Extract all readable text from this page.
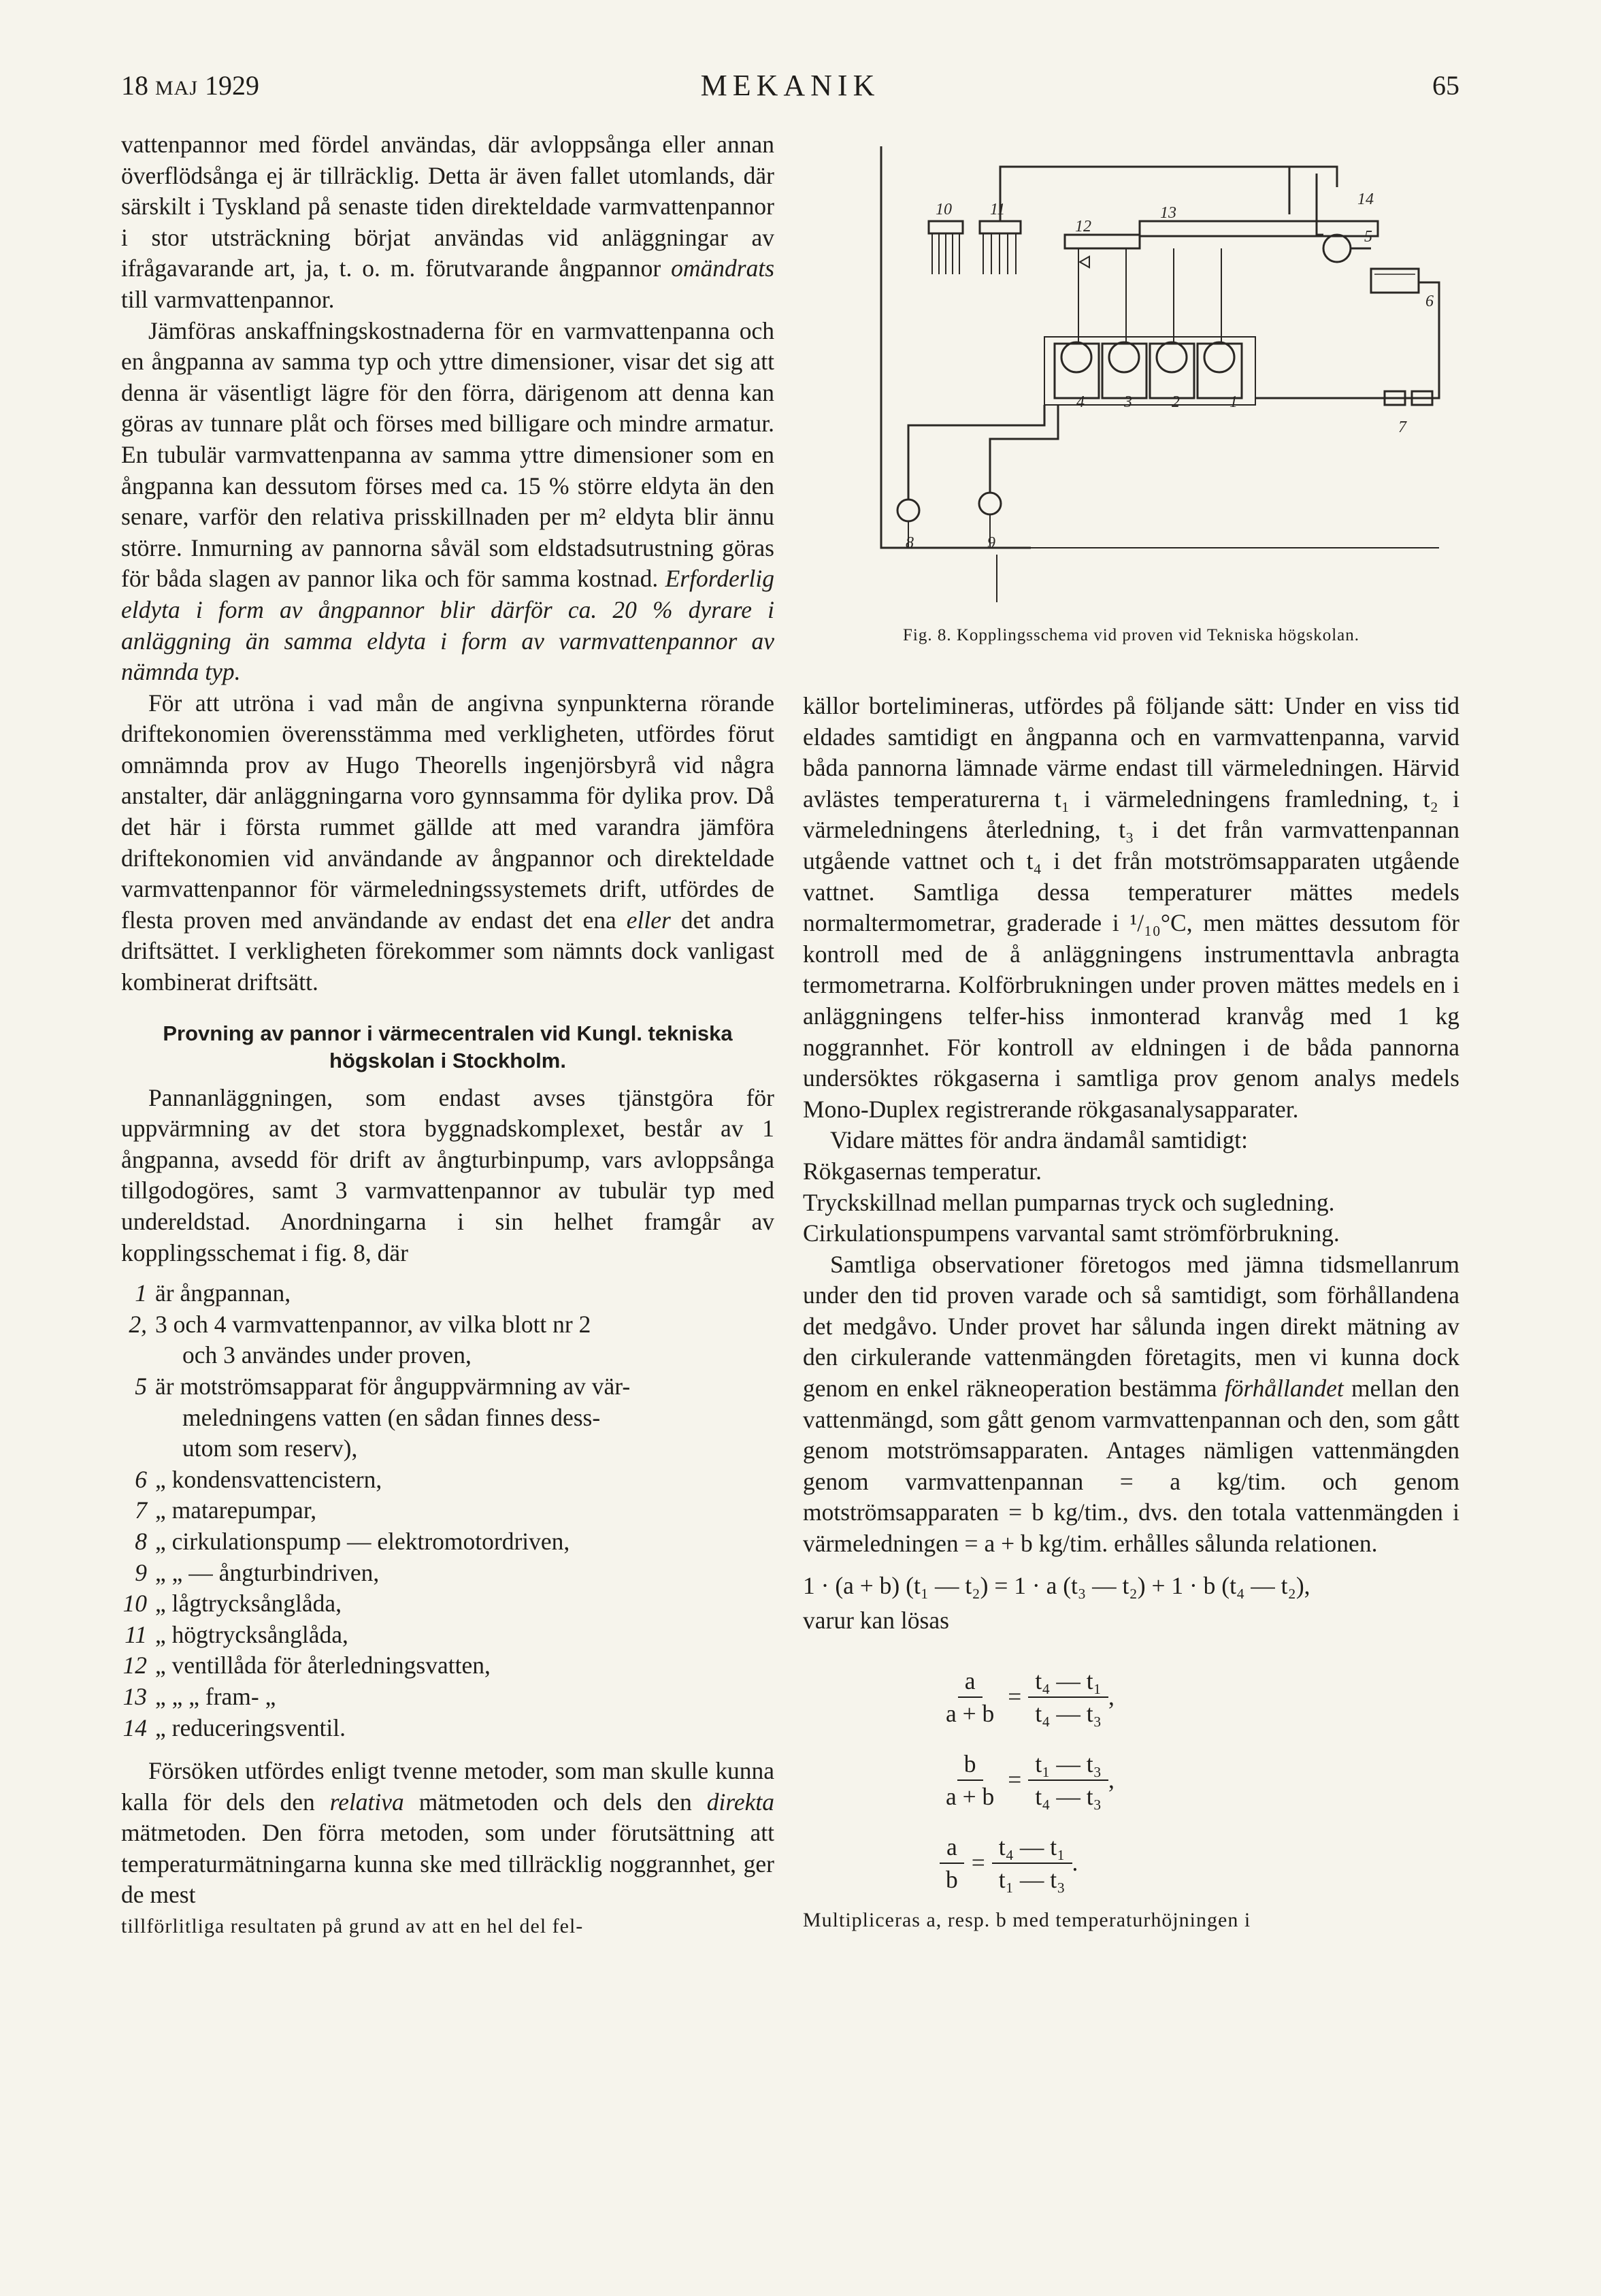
18 MAJ 1929	MEKANIK	65

vattenpannor med fördel användas, där avloppsånga eller annan överflödsånga ej är tillräcklig. Detta är även fallet utomlands, där särskilt i Tyskland på senaste tiden direkteldade varmvattenpannor i stor utsträckning börjat användas vid anläggningar av ifrågavarande art, ja, t. o. m. förutvarande ångpannor omändrats till varmvattenpannor.

Jämföras anskaffningskostnaderna för en varmvattenpanna och en ångpanna av samma typ och yttre dimensioner, visar det sig att denna är väsentligt lägre för den förra, därigenom att denna kan göras av tunnare plåt och förses med billigare och mindre armatur. En tubulär varmvattenpanna av samma yttre dimensioner som en ångpanna kan dessutom förses med ca. 15 % större eldyta än den senare, varför den relativa prisskillnaden per m² eldyta blir ännu större. Inmurning av pannorna såväl som eldstadsutrustning göras för båda slagen av pannor lika och för samma kostnad. Erforderlig eldyta i form av ångpannor blir därför ca. 20 % dyrare i anläggning än samma eldyta i form av varmvattenpannor av nämnda typ.

För att utröna i vad mån de angivna synpunkterna rörande driftekonomien överensstämma med verkligheten, utfördes förut omnämnda prov av Hugo Theorells ingenjörsbyrå vid några anstalter, där anläggningarna voro gynnsamma för dylika prov. Då det här i första rummet gällde att med varandra jämföra driftekonomien vid användande av ångpannor och direkteldade varmvattenpannor för värmeledningssystemets drift, utfördes de flesta proven med användande av endast det ena eller det andra driftsättet. I verkligheten förekommer som nämnts dock vanligast kombinerat driftsätt.

Provning av pannor i värmecentralen vid Kungl. tekniska högskolan i Stockholm.

Pannanläggningen, som endast avses tjänstgöra för uppvärmning av det stora byggnadskomplexet, består av 1 ångpanna, avsedd för drift av ångturbinpump, vars avloppsånga tillgodogöres, samt 3 varmvattenpannor av tubulär typ med undereldstad. Anordningarna i sin helhet framgår av kopplingsschemat i fig. 8, där

1 är ångpannan,
2, 3 och 4 varmvattenpannor, av vilka blott nr 2
och 3 användes under proven,
5 är motströmsapparat för ånguppvärmning av vär-
meledningens vatten (en sådan finnes dess-
utom som reserv),
6 „ kondensvattencistern,
7 „ matarepumpar,
8 „ cirkulationspump — elektromotordriven,
9 „ „ — ångturbindriven,
10 „ lågtrycksånglåda,
11 „ högtrycksånglåda,
12 „ ventillåda för återledningsvatten,
13 „ „ „ fram- „
14 „ reduceringsventil.

Försöken utfördes enligt tvenne metoder, som man skulle kunna kalla för dels den relativa mätmetoden och dels den direkta mätmetoden. Den förra metoden, som under förutsättning att temperaturmätningarna kunna ske med tillräcklig noggrannhet, ger de mest

tillförlitliga resultaten på grund av att en hel del fel-

4 3 2	1
5
6
7
8	9
10 11
12
13
14
Fig. 8. Kopplingsschema vid proven vid Tekniska högskolan.

källor bortelimineras, utfördes på följande sätt: Under en viss tid eldades samtidigt en ångpanna och en varmvattenpanna, varvid båda pannorna lämnade värme endast till värmeledningen. Härvid avlästes temperaturerna t₁ i värmeledningens framledning, t₂ i värmeledningens återledning, t₃ i det från varmvattenpannan utgående vattnet och t₄ i det från motströmsapparaten utgående vattnet. Samtliga dessa temperaturer mättes medels normaltermometrar, graderade i ¹/₁₀°C, men mättes dessutom för kontroll med de å anläggningens instrumenttavla anbragta termometrarna. Kolförbrukningen under proven mättes medels en i anläggningens telfer-hiss inmonterad kranvåg med 1 kg noggrannhet. För kontroll av eldningen i de båda pannorna undersöktes rökgaserna i samtliga prov genom analys medels Mono-Duplex registrerande rökgasanalysapparater.

Vidare mättes för andra ändamål samtidigt:

Rökgasernas temperatur.

Tryckskillnad mellan pumparnas tryck och sugledning.

Cirkulationspumpens varvantal samt strömförbrukning.

Samtliga observationer företogos med jämna tidsmellanrum under den tid proven varade och så samtidigt, som förhållandena det medgåvo. Under provet har sålunda ingen direkt mätning av den cirkulerande vattenmängden företagits, men vi kunna dock genom en enkel räkneoperation bestämma förhållandet mellan den vattenmängd, som gått genom varmvattenpannan och den, som gått genom motströmsapparaten. Antages nämligen vattenmängden genom varmvattenpannan = a kg/tim. och genom motströmsapparaten = b kg/tim., dvs. den totala vattenmängden i värmeledningen = a + b kg/tim. erhålles sålunda relationen.

1 · (a + b) (t₁ — t₂) = 1 · a (t₃ — t₂) + 1 · b (t₄ — t₂),

varur kan lösas

$\frac{a}{a + b} = \frac{\text{t₄ — t₁}}{\text{t₄ — t₃}}$ ,
$\frac{b}{a + b} = \frac{\text{t₁ — t₃}}{\text{t₄ — t₃}}$ ,
$\frac{a}{b} = \frac{\text{t₄ — t₁}}{\text{t₁ — t₃}}$ .

Multipliceras a, resp. b med temperaturhöjningen i
